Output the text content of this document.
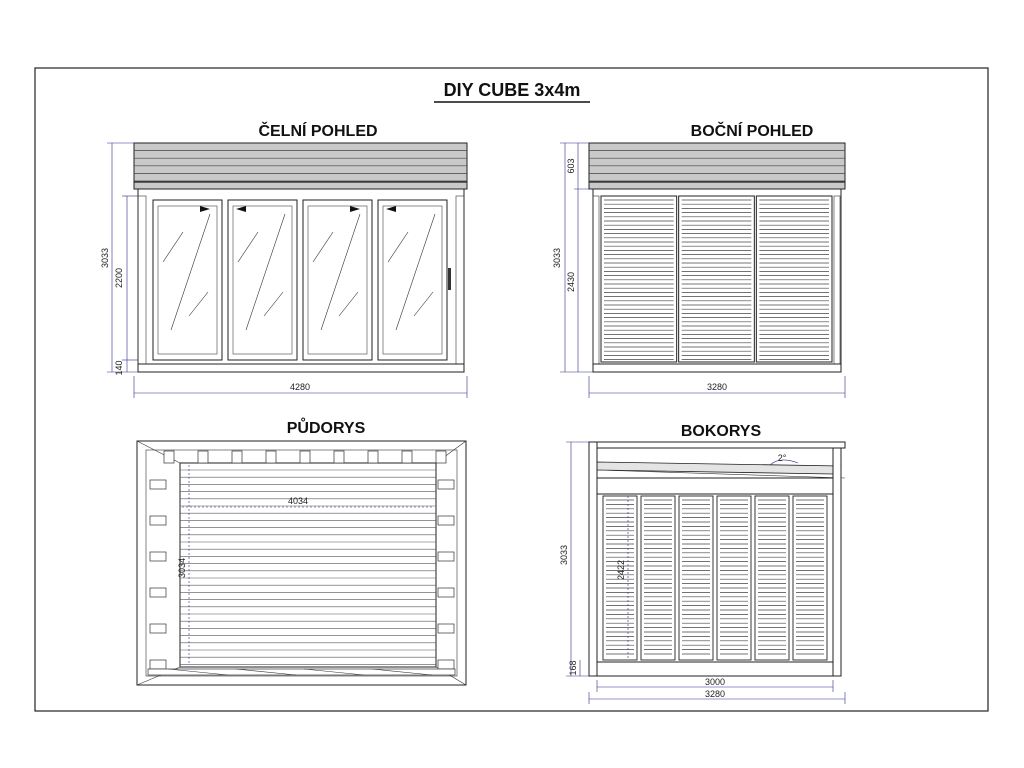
DIY CUBE 3x4m
ČELNÍ POHLED
3033
2200
140
4280
BOČNÍ POHLED
3033
603
2430
3280
PŮDORYS
4034
3034
BOKORYS
2°
3033
2422
168
3000
3280
